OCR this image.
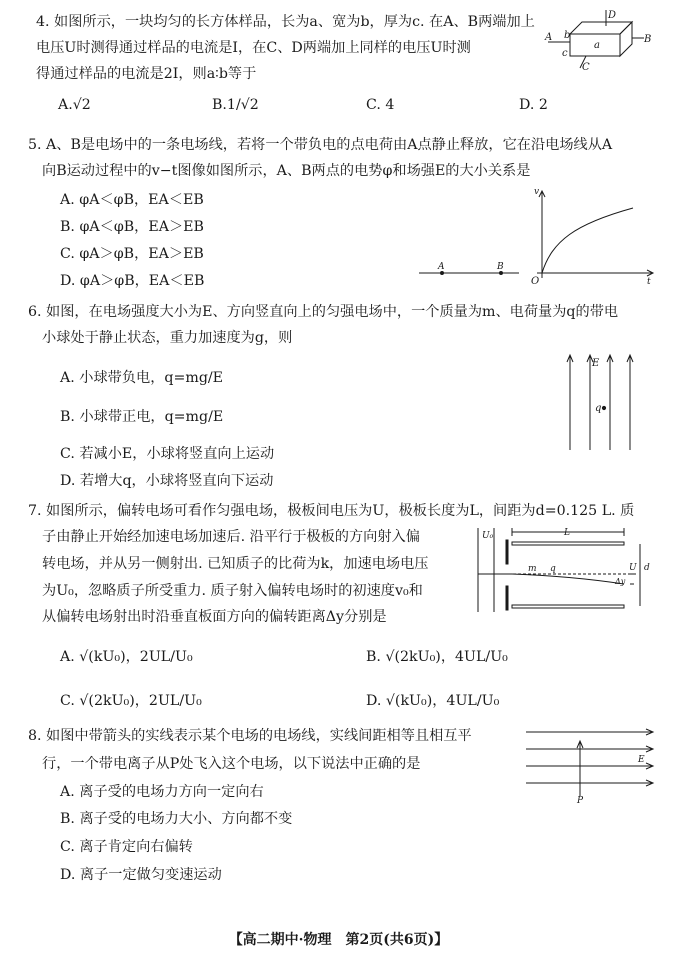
4. 如图所示，一块均匀的长方体样品，长为a、宽为b，厚为c. 在A、B两端加上
电压U时测得通过样品的电流是I，在C、D两端加上同样的电压U时测
得通过样品的电流是2I，则a∶b等于
A.√2	B.1/√2	C. 4	D. 2
D
A b
a
B
c
C
5. A、B是电场中的一条电场线，若将一个带负电的点电荷由A点静止释放，它在沿电场线从A
向B运动过程中的v−t图像如图所示，A、B两点的电势φ和场强E的大小关系是
A. φA＜φB，EA＜EB
B. φA＜φB，EA＞EB
C. φA＞φB，EA＞EB
D. φA＞φB，EA＜EB
A	B
v
O	t
6. 如图，在电场强度大小为E、方向竖直向上的匀强电场中，一个质量为m、电荷量为q的带电
小球处于静止状态，重力加速度为g，则
A. 小球带负电，q=mg/E
B. 小球带正电，q=mg/E
C. 若减小E，小球将竖直向上运动
D. 若增大q，小球将竖直向下运动
E
q
7. 如图所示，偏转电场可看作匀强电场，极板间电压为U，极板长度为L，间距为d=0.125 L. 质
子由静止开始经加速电场加速后. 沿平行于极板的方向射入偏
转电场，并从另一侧射出. 已知质子的比荷为k，加速电场电压
为U₀，忽略质子所受重力. 质子射入偏转电场时的初速度v₀和
从偏转电场射出时沿垂直板面方向的偏转距离Δy分别是
A. √(kU₀)，2UL/U₀	B. √(2kU₀)，4UL/U₀
C. √(2kU₀)，2UL/U₀	D. √(kU₀)，4UL/U₀
U₀	L
m q	U d
Δy
8. 如图中带箭头的实线表示某个电场的电场线，实线间距相等且相互平
行，一个带电离子从P处飞入这个电场，以下说法中正确的是
A. 离子受的电场力方向一定向右
B. 离子受的电场力大小、方向都不变
C. 离子肯定向右偏转
D. 离子一定做匀变速运动
E
P
【高二期中·物理　第2页(共6页)】
